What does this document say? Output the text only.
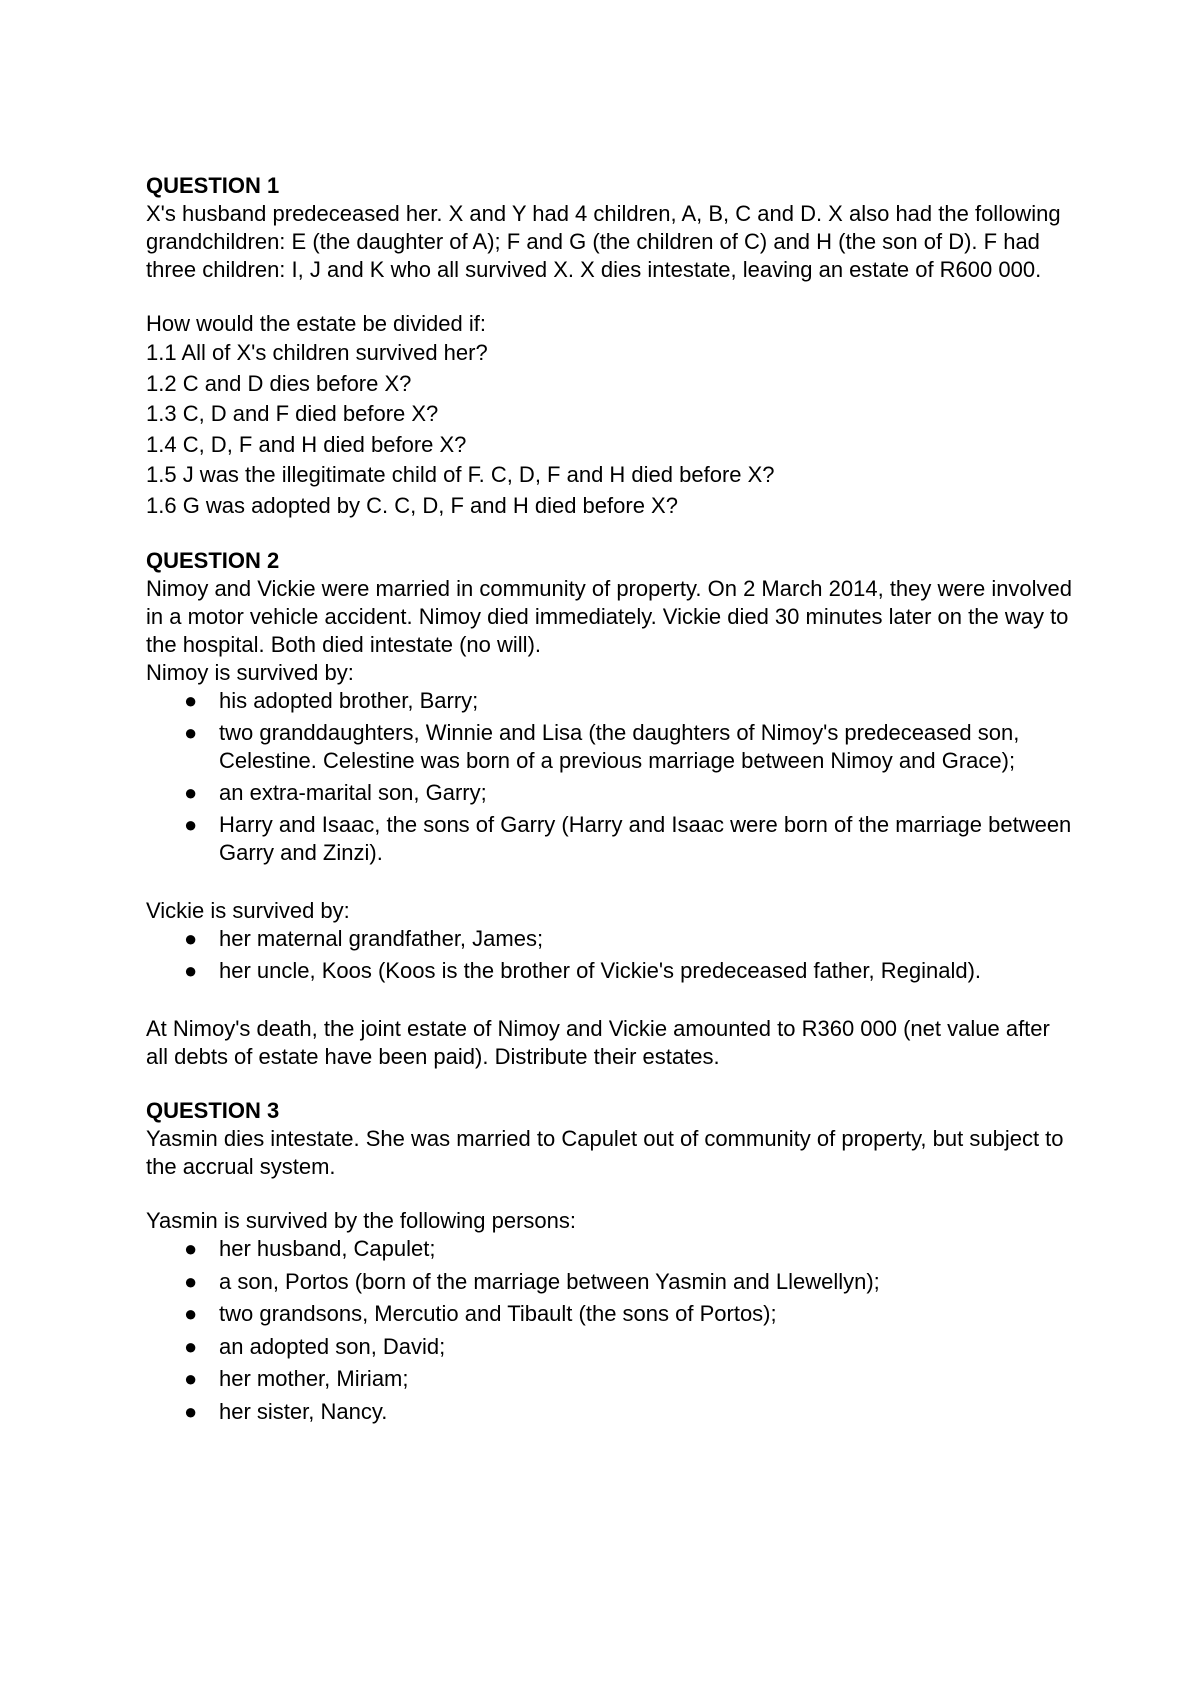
QUESTION 1

X's husband predeceased her. X and Y had 4 children, A, B, C and D. X also had the following grandchildren: E (the daughter of A); F and G (the children of C) and H (the son of D). F had three children: I, J and K who all survived X. X dies intestate, leaving an estate of R600 000.

How would the estate be divided if:

1.1 All of X's children survived her?
1.2 C and D dies before X?
1.3 C, D and F died before X?
1.4 C, D, F and H died before X?
1.5 J was the illegitimate child of F. C, D, F and H died before X?
1.6 G was adopted by C. C, D, F and H died before X?

QUESTION 2

Nimoy and Vickie were married in community of property. On 2 March 2014, they were involved in a motor vehicle accident. Nimoy died immediately. Vickie died 30 minutes later on the way to the hospital. Both died intestate (no will).

Nimoy is survived by:

● his adopted brother, Barry;
● two granddaughters, Winnie and Lisa (the daughters of Nimoy's predeceased son, Celestine. Celestine was born of a previous marriage between Nimoy and Grace);
● an extra-marital son, Garry;
● Harry and Isaac, the sons of Garry (Harry and Isaac were born of the marriage between Garry and Zinzi).

Vickie is survived by:

● her maternal grandfather, James;
● her uncle, Koos (Koos is the brother of Vickie's predeceased father, Reginald).

At Nimoy's death, the joint estate of Nimoy and Vickie amounted to R360 000 (net value after all debts of estate have been paid). Distribute their estates.

QUESTION 3

Yasmin dies intestate. She was married to Capulet out of community of property, but subject to the accrual system.

Yasmin is survived by the following persons:

● her husband, Capulet;
● a son, Portos (born of the marriage between Yasmin and Llewellyn);
● two grandsons, Mercutio and Tibault (the sons of Portos);
● an adopted son, David;
● her mother, Miriam;
● her sister, Nancy.
